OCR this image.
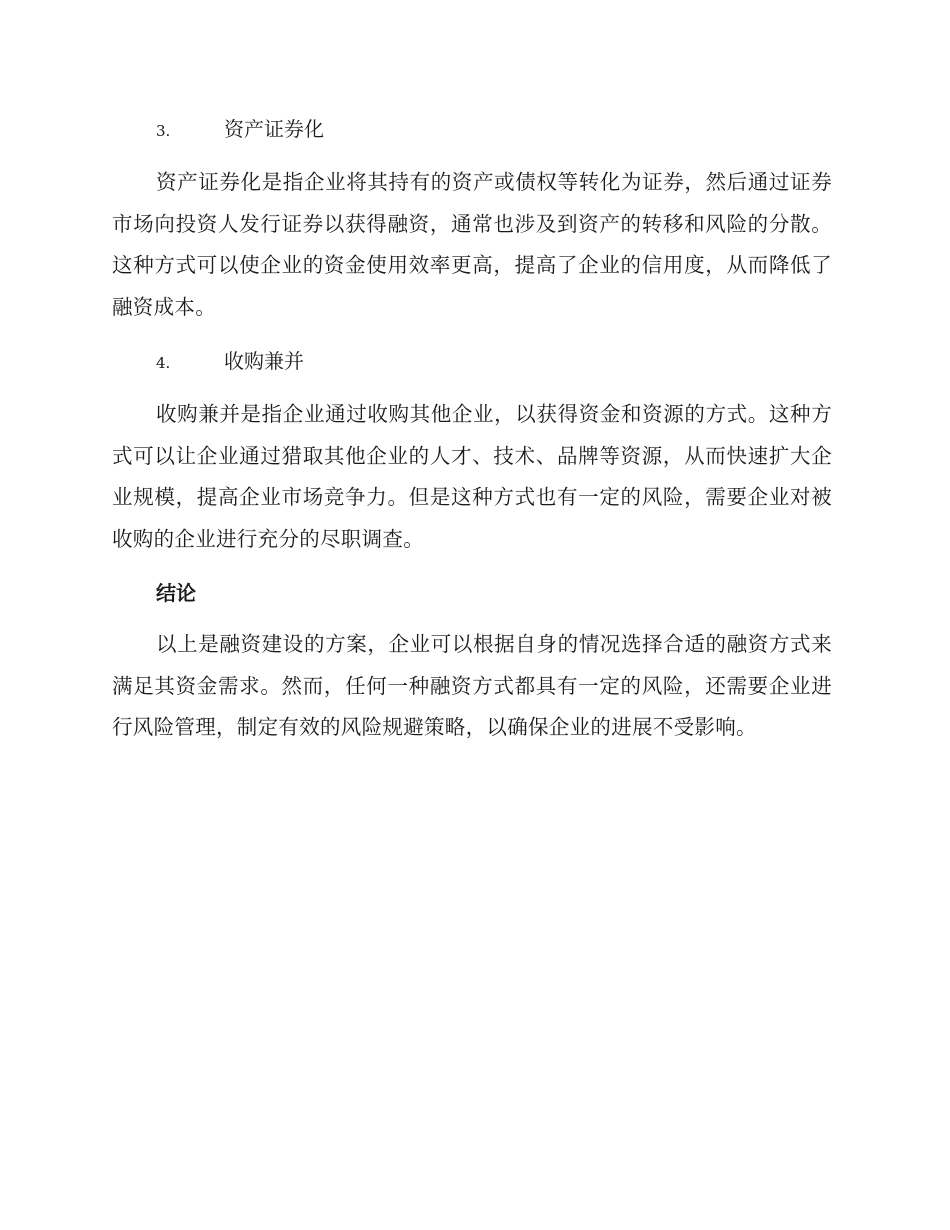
3.	资产证券化

资产证券化是指企业将其持有的资产或债权等转化为证券，然后通过证券市场向投资人发行证券以获得融资，通常也涉及到资产的转移和风险的分散。这种方式可以使企业的资金使用效率更高，提高了企业的信用度，从而降低了融资成本。

4.	收购兼并

收购兼并是指企业通过收购其他企业，以获得资金和资源的方式。这种方式可以让企业通过猎取其他企业的人才、技术、品牌等资源，从而快速扩大企业规模，提高企业市场竞争力。但是这种方式也有一定的风险，需要企业对被收购的企业进行充分的尽职调查。

结论

以上是融资建设的方案，企业可以根据自身的情况选择合适的融资方式来满足其资金需求。然而，任何一种融资方式都具有一定的风险，还需要企业进行风险管理，制定有效的风险规避策略，以确保企业的进展不受影响。
